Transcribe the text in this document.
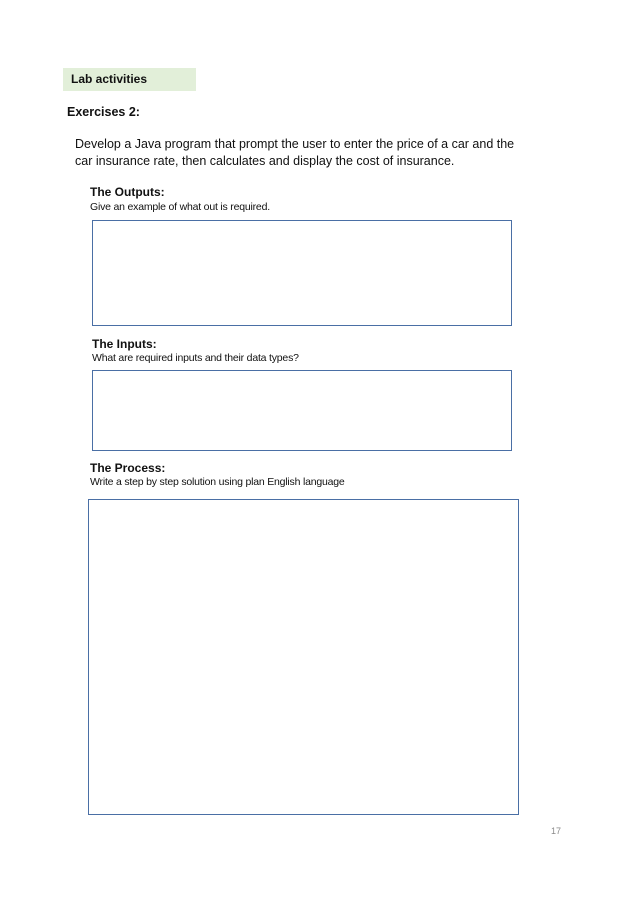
Lab activities
Exercises 2:

Develop a Java program that prompt the user to enter the price of a car and the
car insurance rate, then calculates and display the cost of insurance.

The Outputs:
Give an example of what out is required.
The Inputs:
What are required inputs and their data types?
The Process:
Write a step by step solution using plan English language
17
